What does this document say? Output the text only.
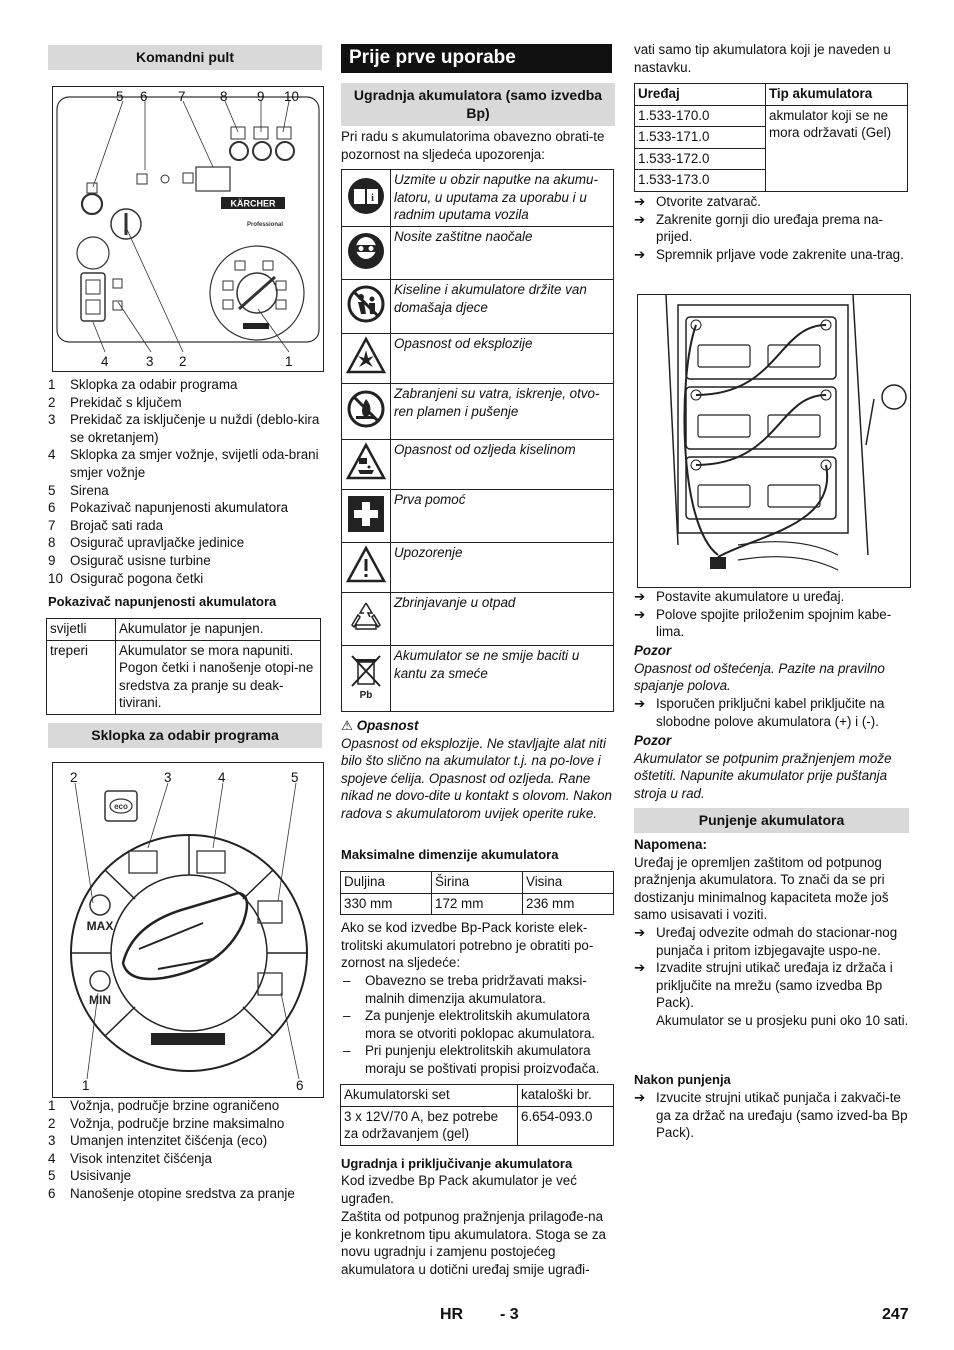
Komandni pult
KÄRCHER
Professional
5 6 7	8 9 10
4	3 2	1
1	Sklopka za odabir programa
2	Prekidač s ključem
3	Prekidač za isključenje u nuždi (deblo-kira se okretanjem)
4	Sklopka za smjer vožnje, svijetli oda-brani smjer vožnje
5	Sirena
6	Pokazivač napunjenosti akumulatora
7	Brojač sati rada
8	Osigurač upravljačke jedinice
9	Osigurač usisne turbine
10 Osigurač pogona četki
Pokazivač napunjenosti akumulatora
svijetli	Akumulator je napunjen.
treperi	Akumulator se mora napuniti. Pogon četki i nanošenje otopi-ne sredstva za pranje su deak-tivirani.
Sklopka za odabir programa
eco
MAX
MIN
2	3	4	5
1	6
1	Vožnja, područje brzine ograničeno
2	Vožnja, područje brzine maksimalno
3	Umanjen intenzitet čišćenja (eco)
4	Visok intenzitet čišćenja
5	Usisivanje
6	Nanošenje otopine sredstva za pranje
Prije prve uporabe
Ugradnja akumulatora (samo izvedba Bp)
Pri radu s akumulatorima obavezno obrati-te pozornost na sljedeća upozorenja:
i	Uzmite u obzir naputke na akumu-latoru, u uputama za uporabu i u radnim uputama vozila
	Nosite zaštitne naočale
	Kiseline i akumulatore držite van domašaja djece
	Opasnost od eksplozije
	Zabranjeni su vatra, iskrenje, otvo-ren plamen i pušenje
	Opasnost od ozljeda kiselinom
	Prva pomoć
	Upozorenje
	Zbrinjavanje u otpad

Pb	Akumulator se ne smije baciti u kantu za smeće
⚠ Opasnost
Opasnost od eksplozije. Ne stavljajte alat niti bilo što slično na akumulator t.j. na po-love i spojeve ćelija. Opasnost od ozljeda. Rane nikad ne dovo-dite u kontakt s olovom. Nakon radova s akumulatorom uvijek operite ruke.
Maksimalne dimenzije akumulatora
Duljina	Širina	Visina
330 mm	172 mm	236 mm
Ako se kod izvedbe Bp-Pack koriste elek-trolitski akumulatori potrebno je obratiti po-zornost na sljedeće:
–	Obavezno se treba pridržavati maksi-malnih dimenzija akumulatora.
–	Za punjenje elektrolitskih akumulatora mora se otvoriti poklopac akumulatora.
–	Pri punjenju elektrolitskih akumulatora moraju se poštivati propisi proizvođača.
Akumulatorski set	kataloški br.
3 x 12V/70 A, bez potrebe za održavanjem (gel)	6.654-093.0
Ugradnja i priključivanje akumulatora
Kod izvedbe Bp Pack akumulator je već ugrađen.
Zaštita od potpunog pražnjenja prilagođe-na je konkretnom tipu akumulatora. Stoga se za novu ugradnju i zamjenu postojećeg akumulatora u dotični uređaj smije ugrađi-
vati samo tip akumulatora koji je naveden u nastavku.
Uređaj	Tip akumulatora
1.533-170.0	akmulator koji se ne mora održavati (Gel)
1.533-171.0	
1.533-172.0	
1.533-173.0	
➔ Otvorite zatvarač.
➔ Zakrenite gornji dio uređaja prema na-prijed.
➔ Spremnik prljave vode zakrenite una-trag.
➔ Postavite akumulatore u uređaj.
➔ Polove spojite priloženim spojnim kabe-lima.
Pozor
Opasnost od oštećenja. Pazite na pravilno spajanje polova.
➔ Isporučen priključni kabel priključite na slobodne polove akumulatora (+) i (-).
Pozor
Akumulator se potpunim pražnjenjem može oštetiti. Napunite akumulator prije puštanja stroja u rad.
Punjenje akumulatora
Napomena:
Uređaj je opremljen zaštitom od potpunog pražnjenja akumulatora. To znači da se pri dostizanju minimalnog kapaciteta može još samo usisavati i voziti.
➔ Uređaj odvezite odmah do stacionar-nog punjača i pritom izbjegavajte uspo-ne.
➔ Izvadite strujni utikač uređaja iz držača i priključite na mrežu (samo izvedba Bp Pack).
Akumulator se u prosjeku puni oko 10 sati.
Nakon punjenja
➔ Izvucite strujni utikač punjača i zakvači-te ga za držač na uređaju (samo izved-ba Bp Pack).
HR - 3	247
